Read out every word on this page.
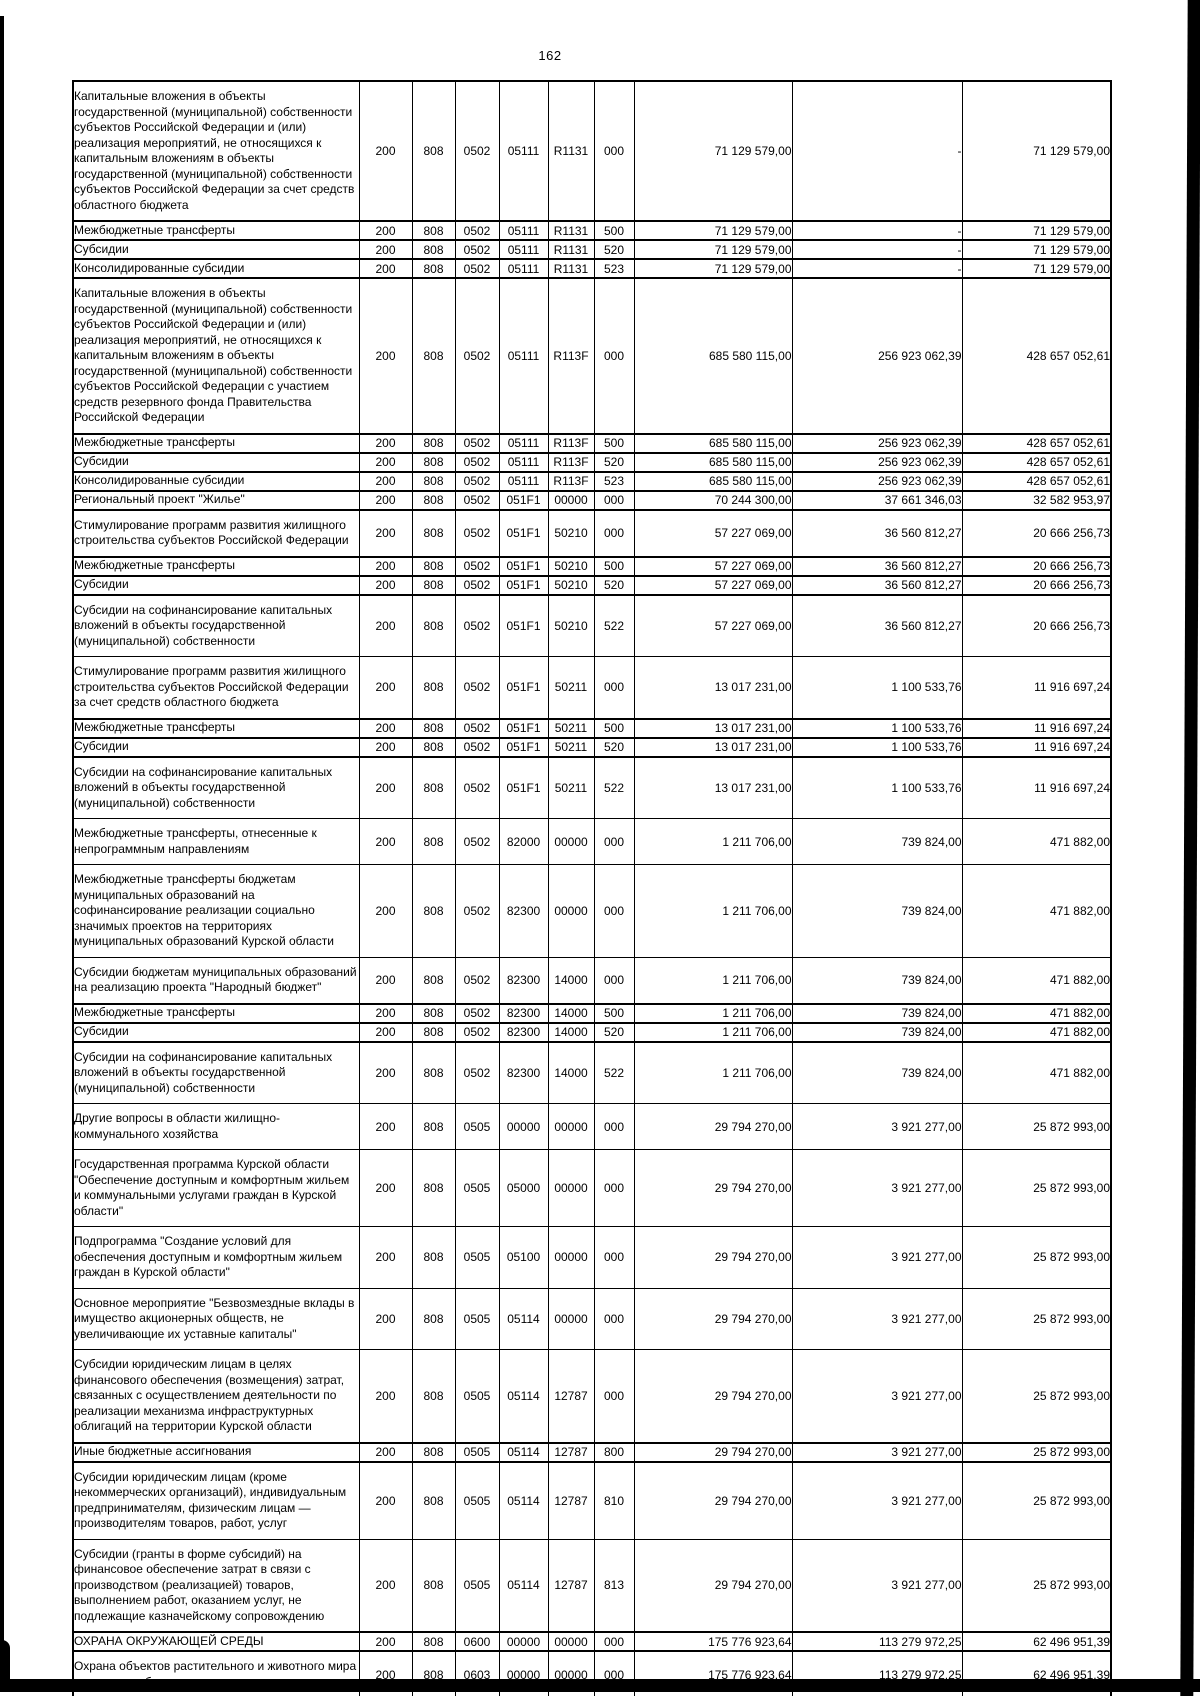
162
Капитальные вложения в объекты государственной (муниципальной) собственности субъектов Российской Федерации и (или) реализация мероприятий, не относящихся к капитальным вложениям в объекты государственной (муниципальной) собственности субъектов Российской Федерации за счет средств областного бюджета	200	808	0502	05111	R1131	000	71 129 579,00	-	71 129 579,00
Межбюджетные трансферты	200	808	0502	05111	R1131	500	71 129 579,00	-	71 129 579,00
Субсидии	200	808	0502	05111	R1131	520	71 129 579,00	-	71 129 579,00
Консолидированные субсидии	200	808	0502	05111	R1131	523	71 129 579,00	-	71 129 579,00
Капитальные вложения в объекты государственной (муниципальной) собственности субъектов Российской Федерации и (или) реализация мероприятий, не относящихся к капитальным вложениям в объекты государственной (муниципальной) собственности субъектов Российской Федерации с участием средств резервного фонда Правительства Российской Федерации	200	808	0502	05111	R113F	000	685 580 115,00	256 923 062,39	428 657 052,61
Межбюджетные трансферты	200	808	0502	05111	R113F	500	685 580 115,00	256 923 062,39	428 657 052,61
Субсидии	200	808	0502	05111	R113F	520	685 580 115,00	256 923 062,39	428 657 052,61
Консолидированные субсидии	200	808	0502	05111	R113F	523	685 580 115,00	256 923 062,39	428 657 052,61
Региональный проект "Жилье"	200	808	0502	051F1	00000	000	70 244 300,00	37 661 346,03	32 582 953,97
Стимулирование программ развития жилищного строительства субъектов Российской Федерации	200	808	0502	051F1	50210	000	57 227 069,00	36 560 812,27	20 666 256,73
Межбюджетные трансферты	200	808	0502	051F1	50210	500	57 227 069,00	36 560 812,27	20 666 256,73
Субсидии	200	808	0502	051F1	50210	520	57 227 069,00	36 560 812,27	20 666 256,73
Субсидии на софинансирование капитальных вложений в объекты государственной (муниципальной) собственности	200	808	0502	051F1	50210	522	57 227 069,00	36 560 812,27	20 666 256,73
Стимулирование программ развития жилищного строительства субъектов Российской Федерации за счет средств областного бюджета	200	808	0502	051F1	50211	000	13 017 231,00	1 100 533,76	11 916 697,24
Межбюджетные трансферты	200	808	0502	051F1	50211	500	13 017 231,00	1 100 533,76	11 916 697,24
Субсидии	200	808	0502	051F1	50211	520	13 017 231,00	1 100 533,76	11 916 697,24
Субсидии на софинансирование капитальных вложений в объекты государственной (муниципальной) собственности	200	808	0502	051F1	50211	522	13 017 231,00	1 100 533,76	11 916 697,24
Межбюджетные трансферты, отнесенные к непрограммным направлениям	200	808	0502	82000	00000	000	1 211 706,00	739 824,00	471 882,00
Межбюджетные трансферты бюджетам муниципальных образований на софинансирование реализации социально значимых проектов на территориях муниципальных образований Курской области	200	808	0502	82300	00000	000	1 211 706,00	739 824,00	471 882,00
Субсидии бюджетам муниципальных образований на реализацию проекта "Народный бюджет"	200	808	0502	82300	14000	000	1 211 706,00	739 824,00	471 882,00
Межбюджетные трансферты	200	808	0502	82300	14000	500	1 211 706,00	739 824,00	471 882,00
Субсидии	200	808	0502	82300	14000	520	1 211 706,00	739 824,00	471 882,00
Субсидии на софинансирование капитальных вложений в объекты государственной (муниципальной) собственности	200	808	0502	82300	14000	522	1 211 706,00	739 824,00	471 882,00
Другие вопросы в области жилищно-коммунального хозяйства	200	808	0505	00000	00000	000	29 794 270,00	3 921 277,00	25 872 993,00
Государственная программа Курской области "Обеспечение доступным и комфортным жильем и коммунальными услугами граждан в Курской области"	200	808	0505	05000	00000	000	29 794 270,00	3 921 277,00	25 872 993,00
Подпрограмма "Создание условий для обеспечения доступным и комфортным жильем граждан в Курской области"	200	808	0505	05100	00000	000	29 794 270,00	3 921 277,00	25 872 993,00
Основное мероприятие "Безвозмездные вклады в имущество акционерных обществ, не увеличивающие их уставные капиталы"	200	808	0505	05114	00000	000	29 794 270,00	3 921 277,00	25 872 993,00
Субсидии юридическим лицам в целях финансового обеспечения (возмещения) затрат, связанных с осуществлением деятельности по реализации механизма инфраструктурных облигаций на территории Курской области	200	808	0505	05114	12787	000	29 794 270,00	3 921 277,00	25 872 993,00
Иные бюджетные ассигнования	200	808	0505	05114	12787	800	29 794 270,00	3 921 277,00	25 872 993,00
Субсидии юридическим лицам (кроме некоммерческих организаций), индивидуальным предпринимателям, физическим лицам — производителям товаров, работ, услуг	200	808	0505	05114	12787	810	29 794 270,00	3 921 277,00	25 872 993,00
Субсидии (гранты в форме субсидий) на финансовое обеспечение затрат в связи с производством (реализацией) товаров, выполнением работ, оказанием услуг, не подлежащие казначейскому сопровождению	200	808	0505	05114	12787	813	29 794 270,00	3 921 277,00	25 872 993,00
ОХРАНА ОКРУЖАЮЩЕЙ СРЕДЫ	200	808	0600	00000	00000	000	175 776 923,64	113 279 972,25	62 496 951,39
Охрана объектов растительного и животного мира и среды их обитания	200	808	0603	00000	00000	000	175 776 923,64	113 279 972,25	62 496 951,39
